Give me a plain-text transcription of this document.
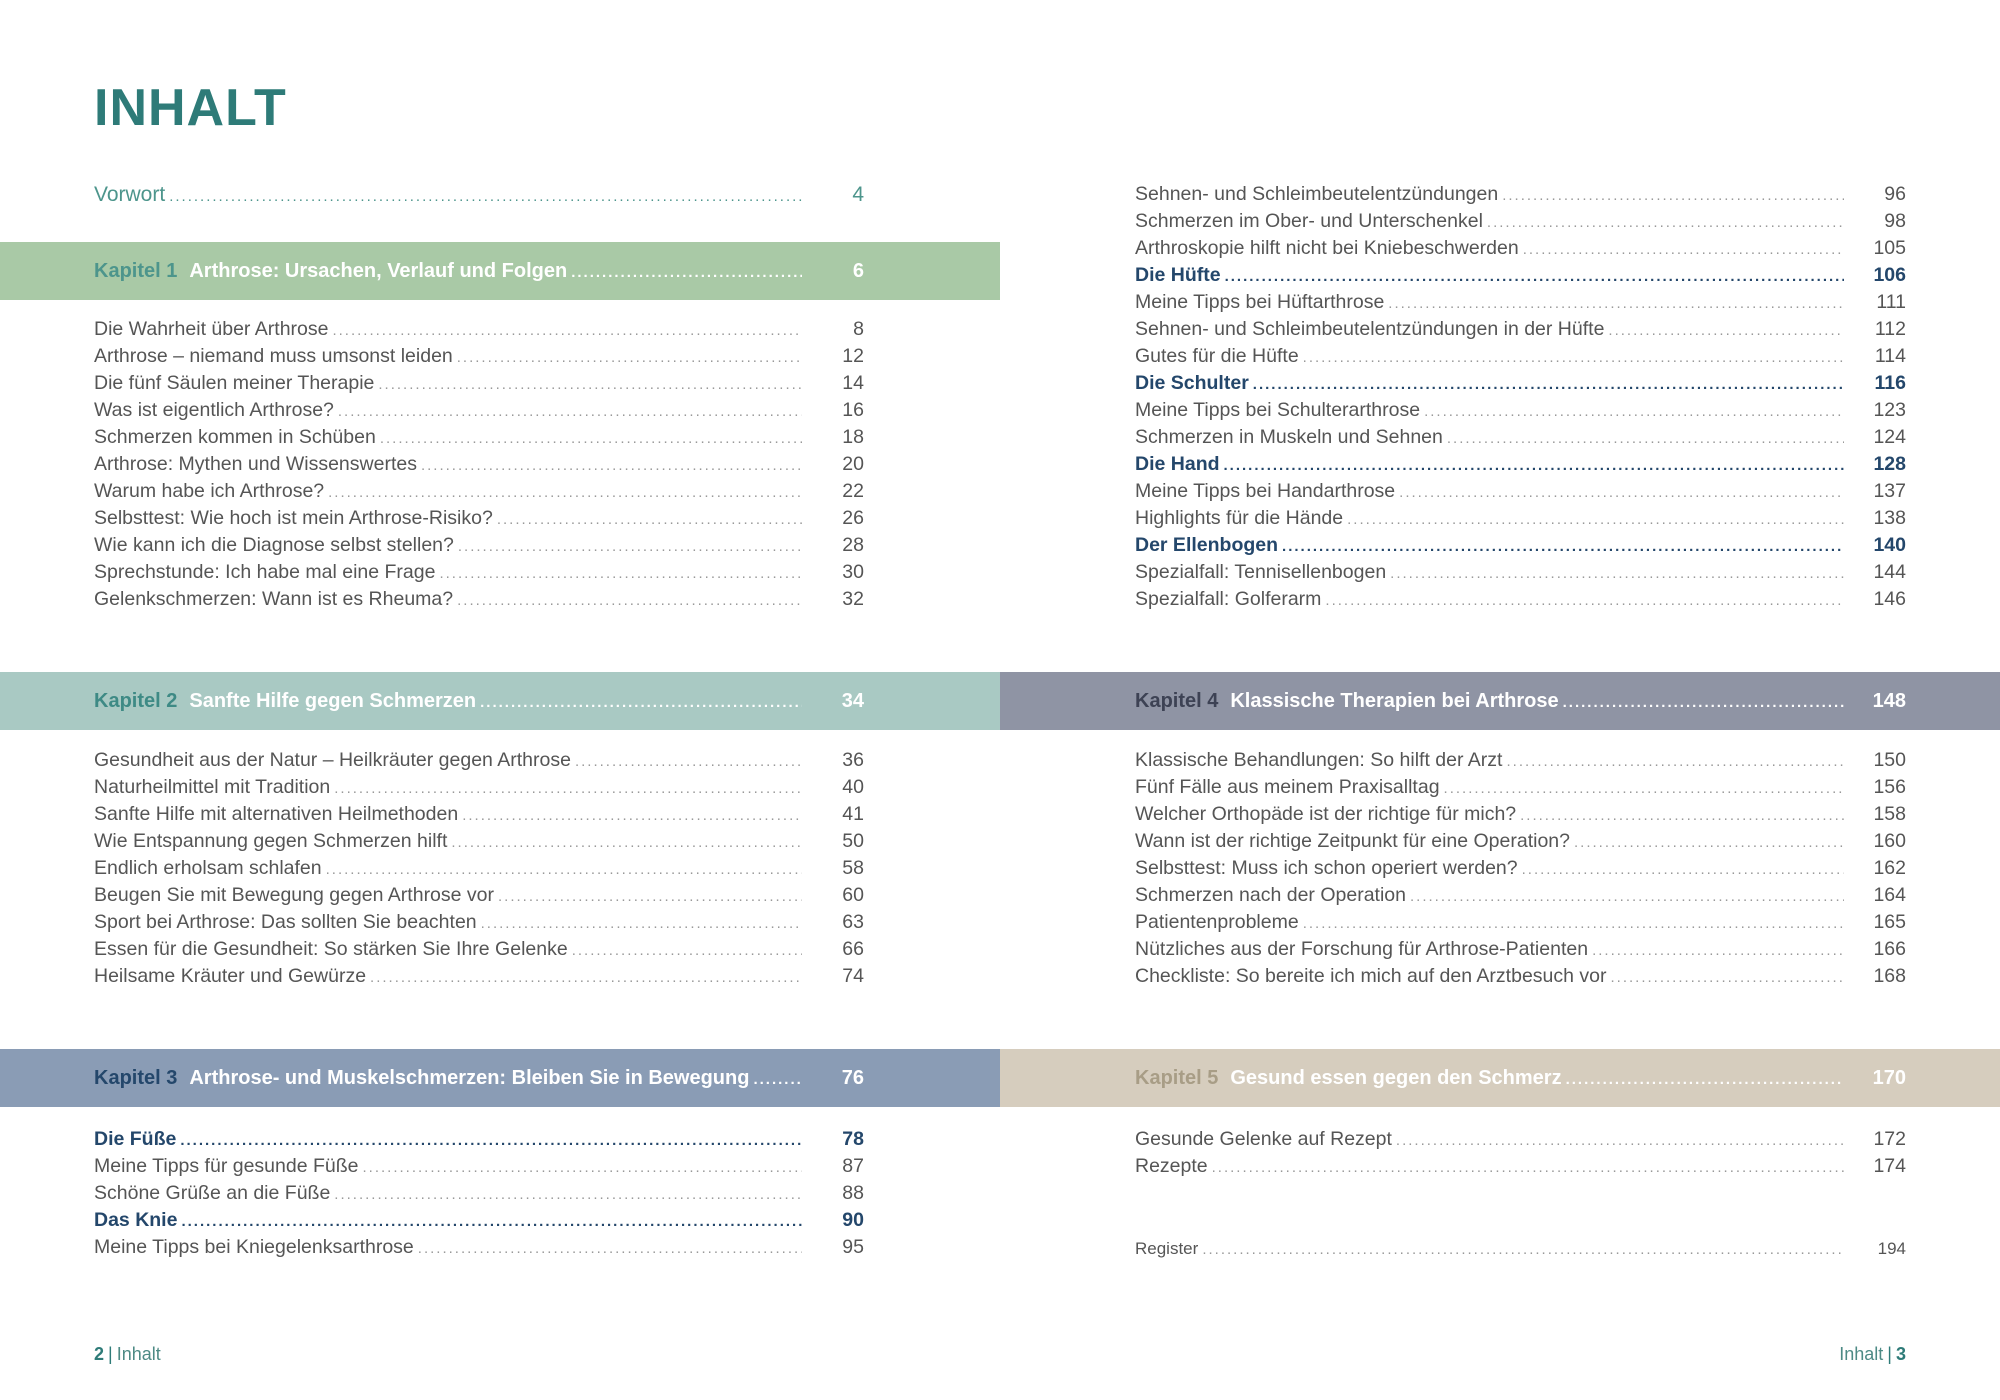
INHALT
Vorwort .....	4
Kapitel 1 Arthrose: Ursachen, Verlauf und Folgen .....	6
Die Wahrheit über Arthrose .....	8
Arthrose – niemand muss umsonst leiden .....	12
Die fünf Säulen meiner Therapie .....	14
Was ist eigentlich Arthrose? .....	16
Schmerzen kommen in Schüben .....	18
Arthrose: Mythen und Wissenswertes .....	20
Warum habe ich Arthrose? .....	22
Selbsttest: Wie hoch ist mein Arthrose-Risiko? .....	26
Wie kann ich die Diagnose selbst stellen? .....	28
Sprechstunde: Ich habe mal eine Frage .....	30
Gelenkschmerzen: Wann ist es Rheuma? .....	32
Kapitel 2 Sanfte Hilfe gegen Schmerzen .....	34
Gesundheit aus der Natur – Heilkräuter gegen Arthrose .....	36
Naturheilmittel mit Tradition .....	40
Sanfte Hilfe mit alternativen Heilmethoden .....	41
Wie Entspannung gegen Schmerzen hilft .....	50
Endlich erholsam schlafen .....	58
Beugen Sie mit Bewegung gegen Arthrose vor .....	60
Sport bei Arthrose: Das sollten Sie beachten .....	63
Essen für die Gesundheit: So stärken Sie Ihre Gelenke .....	66
Heilsame Kräuter und Gewürze .....	74
Kapitel 3 Arthrose- und Muskelschmerzen: Bleiben Sie in Bewegung .....	76
Die Füße .....	78
Meine Tipps für gesunde Füße .....	87
Schöne Grüße an die Füße .....	88
Das Knie .....	90
Meine Tipps bei Kniegelenksarthrose .....	95
Sehnen- und Schleimbeutelentzündungen .....	96
Schmerzen im Ober- und Unterschenkel .....	98
Arthroskopie hilft nicht bei Kniebeschwerden .....	105
Die Hüfte .....	106
Meine Tipps bei Hüftarthrose .....	111
Sehnen- und Schleimbeutelentzündungen in der Hüfte .....	112
Gutes für die Hüfte .....	114
Die Schulter .....	116
Meine Tipps bei Schulterarthrose .....	123
Schmerzen in Muskeln und Sehnen .....	124
Die Hand .....	128
Meine Tipps bei Handarthrose .....	137
Highlights für die Hände .....	138
Der Ellenbogen .....	140
Spezialfall: Tennisellenbogen .....	144
Spezialfall: Golferarm .....	146
Kapitel 4 Klassische Therapien bei Arthrose .....	148
Klassische Behandlungen: So hilft der Arzt .....	150
Fünf Fälle aus meinem Praxisalltag .....	156
Welcher Orthopäde ist der richtige für mich? .....	158
Wann ist der richtige Zeitpunkt für eine Operation? .....	160
Selbsttest: Muss ich schon operiert werden? .....	162
Schmerzen nach der Operation .....	164
Patientenprobleme .....	165
Nützliches aus der Forschung für Arthrose-Patienten .....	166
Checkliste: So bereite ich mich auf den Arztbesuch vor .....	168
Kapitel 5 Gesund essen gegen den Schmerz .....	170
Gesunde Gelenke auf Rezept .....	172
Rezepte .....	174
Register .....	194
2 | Inhalt	Inhalt | 3
